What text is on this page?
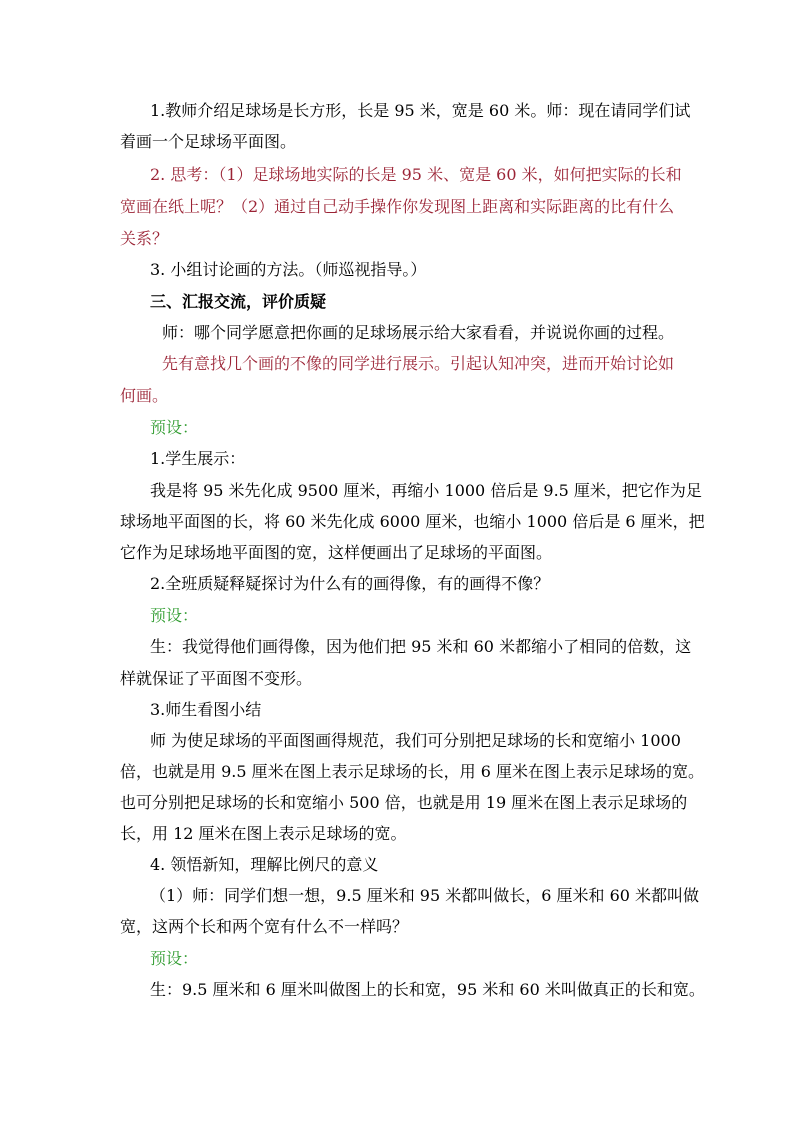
1.教师介绍足球场是长方形，长是 95 米，宽是 60 米。师：现在请同学们试
着画一个足球场平面图。
2. 思考：（1）足球场地实际的长是 95 米、宽是 60 米，如何把实际的长和
宽画在纸上呢？（2）通过自己动手操作你发现图上距离和实际距离的比有什么
关系？
3. 小组讨论画的方法。（师巡视指导。）
三、汇报交流，评价质疑
师：哪个同学愿意把你画的足球场展示给大家看看，并说说你画的过程。
先有意找几个画的不像的同学进行展示。引起认知冲突，进而开始讨论如
何画。
预设：
1.学生展示：
我是将 95 米先化成 9500 厘米，再缩小 1000 倍后是 9.5 厘米，把它作为足
球场地平面图的长，将 60 米先化成 6000 厘米，也缩小 1000 倍后是 6 厘米，把
它作为足球场地平面图的宽，这样便画出了足球场的平面图。
2.全班质疑释疑探讨为什么有的画得像，有的画得不像？
预设：
生：我觉得他们画得像，因为他们把 95 米和 60 米都缩小了相同的倍数，这
样就保证了平面图不变形。
3.师生看图小结
师 为使足球场的平面图画得规范，我们可分别把足球场的长和宽缩小 1000
倍，也就是用 9.5 厘米在图上表示足球场的长，用 6 厘米在图上表示足球场的宽。
也可分别把足球场的长和宽缩小 500 倍，也就是用 19 厘米在图上表示足球场的
长，用 12 厘米在图上表示足球场的宽。
4. 领悟新知，理解比例尺的意义
（1）师：同学们想一想，9.5 厘米和 95 米都叫做长，6 厘米和 60 米都叫做
宽，这两个长和两个宽有什么不一样吗？
预设：
生：9.5 厘米和 6 厘米叫做图上的长和宽，95 米和 60 米叫做真正的长和宽。
